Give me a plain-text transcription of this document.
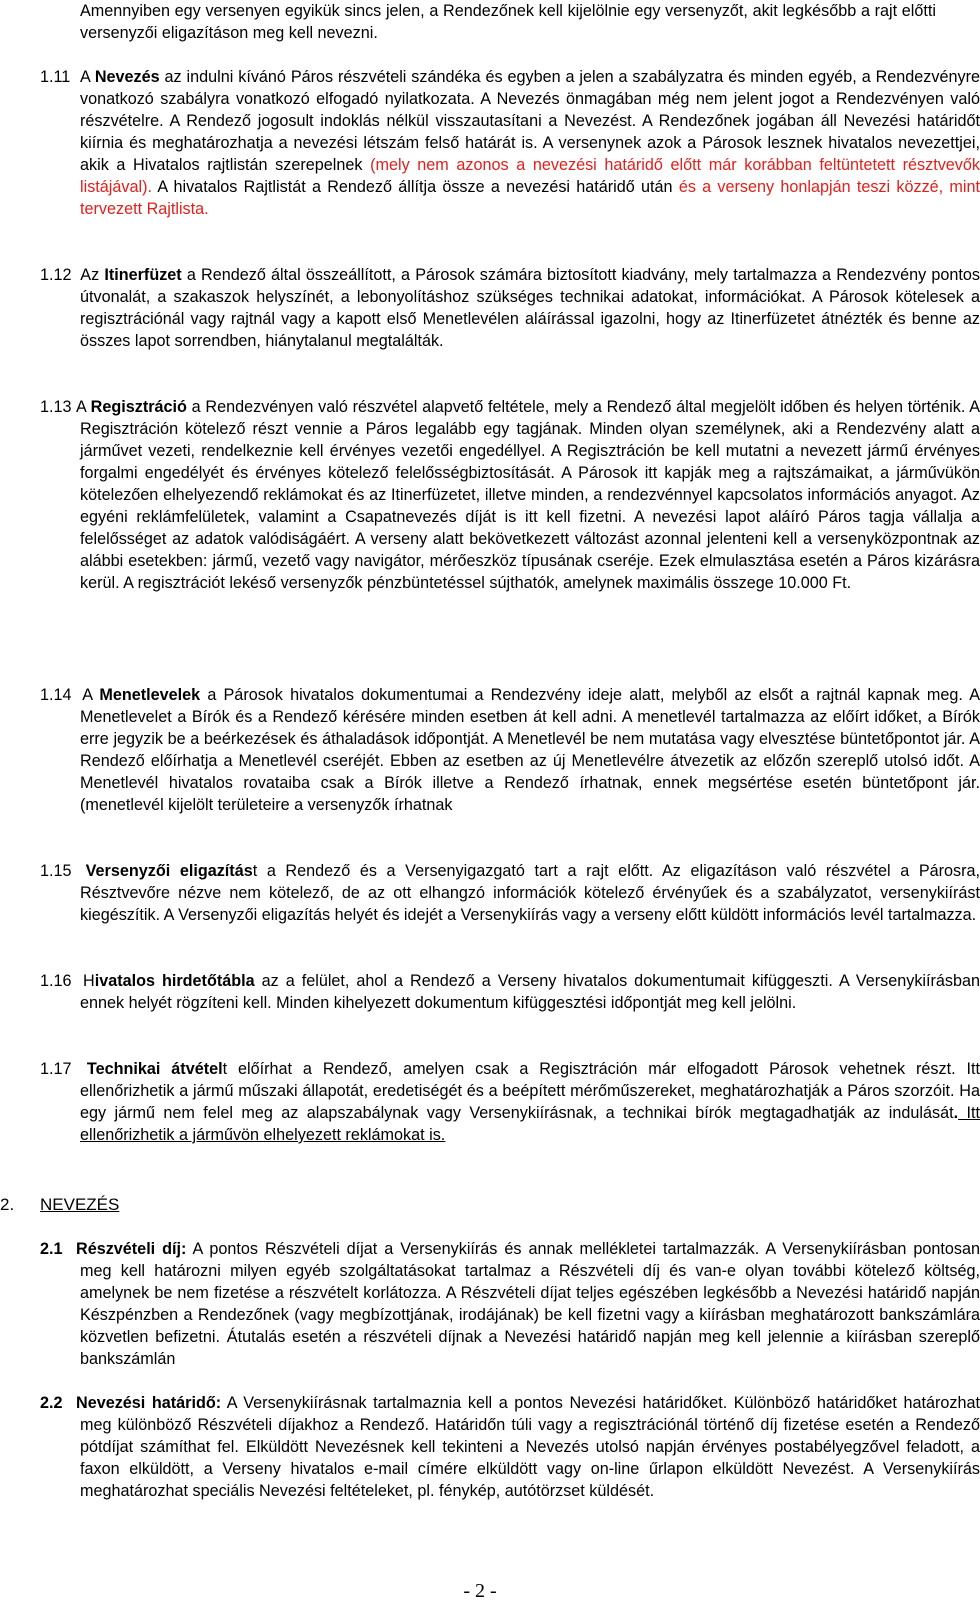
Amennyiben egy versenyen egyikük sincs jelen, a Rendezőnek kell kijelölnie egy versenyzőt, akit legkésőbb a rajt előtti versenyzői eligazításon meg kell nevezni.

1.11 A Nevezés az indulni kívánó Páros részvételi szándéka és egyben a jelen a szabályzatra és minden egyéb, a Rendezvényre vonatkozó szabályra vonatkozó elfogadó nyilatkozata. A Nevezés önmagában még nem jelent jogot a Rendezvényen való részvételre. A Rendező jogosult indoklás nélkül visszautasítani a Nevezést. A Rendezőnek jogában áll Nevezési határidőt kiírnia és meghatározhatja a nevezési létszám felső határát is. A versenynek azok a Párosok lesznek hivatalos nevezettjei, akik a Hivatalos rajtlistán szerepelnek (mely nem azonos a nevezési határidő előtt már korábban feltüntetett résztvevők listájával). A hivatalos Rajtlistát a Rendező állítja össze a nevezési határidő után és a verseny honlapján teszi közzé, mint tervezett Rajtlista.

1.12 Az Itinerfüzet a Rendező által összeállított, a Párosok számára biztosított kiadvány, mely tartalmazza a Rendezvény pontos útvonalát, a szakaszok helyszínét, a lebonyolításhoz szükséges technikai adatokat, információkat. A Párosok kötelesek a regisztrációnál vagy rajtnál vagy a kapott első Menetlevélen aláírással igazolni, hogy az Itinerfüzetet átnézték és benne az összes lapot sorrendben, hiánytalanul megtalálták.

1.13 A Regisztráció a Rendezvényen való részvétel alapvető feltétele, mely a Rendező által megjelölt időben és helyen történik. A Regisztráción kötelező részt vennie a Páros legalább egy tagjának. Minden olyan személynek, aki a Rendezvény alatt a járművet vezeti, rendelkeznie kell érvényes vezetői engedéllyel. A Regisztráción be kell mutatni a nevezett jármű érvényes forgalmi engedélyét és érvényes kötelező felelősségbiztosítását. A Párosok itt kapják meg a rajtszámaikat, a járművükön kötelezően elhelyezendő reklámokat és az Itinerfüzetet, illetve minden, a rendezvénnyel kapcsolatos információs anyagot. Az egyéni reklámfelületek, valamint a Csapatnevezés díját is itt kell fizetni. A nevezési lapot aláíró Páros tagja vállalja a felelősséget az adatok valódiságáért. A verseny alatt bekövetkezett változást azonnal jelenteni kell a versenyközpontnak az alábbi esetekben: jármű, vezető vagy navigátor, mérőeszköz típusának cseréje. Ezek elmulasztása esetén a Páros kizárásra kerül. A regisztrációt lekéső versenyzők pénzbüntetéssel sújthatók, amelynek maximális összege 10.000 Ft.

1.14 A Menetlevelek a Párosok hivatalos dokumentumai a Rendezvény ideje alatt, melyből az elsőt a rajtnál kapnak meg. A Menetlevelet a Bírók és a Rendező kérésére minden esetben át kell adni. A menetlevél tartalmazza az előírt időket, a Bírók erre jegyzik be a beérkezések és áthaladások időpontját. A Menetlevél be nem mutatása vagy elvesztése büntetőpontot jár. A Rendező előírhatja a Menetlevél cseréjét. Ebben az esetben az új Menetlevélre átvezetik az előzőn szereplő utolsó időt. A Menetlevél hivatalos rovataiba csak a Bírók illetve a Rendező írhatnak, ennek megsértése esetén büntetőpont jár. (menetlevél kijelölt területeire a versenyzők írhatnak

1.15 Versenyzői eligazítást a Rendező és a Versenyigazgató tart a rajt előtt. Az eligazításon való részvétel a Párosra, Résztvevőre nézve nem kötelező, de az ott elhangzó információk kötelező érvényűek és a szabályzatot, versenykiírást kiegészítik. A Versenyzői eligazítás helyét és idejét a Versenykiírás vagy a verseny előtt küldött információs levél tartalmazza.

1.16 Hivatalos hirdetőtábla az a felület, ahol a Rendező a Verseny hivatalos dokumentumait kifüggeszti. A Versenykiírásban ennek helyét rögzíteni kell. Minden kihelyezett dokumentum kifüggesztési időpontját meg kell jelölni.

1.17 Technikai átvételt előírhat a Rendező, amelyen csak a Regisztráción már elfogadott Párosok vehetnek részt. Itt ellenőrizhetik a jármű műszaki állapotát, eredetiségét és a beépített mérőműszereket, meghatározhatják a Páros szorzóit. Ha egy jármű nem felel meg az alapszabálynak vagy Versenykiírásnak, a technikai bírók megtagadhatják az indulását. Itt ellenőrizhetik a járművön elhelyezett reklámokat is.

2. NEVEZÉS
2.1 Részvételi díj: A pontos Részvételi díjat a Versenykiírás és annak mellékletei tartalmazzák. A Versenykiírásban pontosan meg kell határozni milyen egyéb szolgáltatásokat tartalmaz a Részvételi díj és van-e olyan további kötelező költség, amelynek be nem fizetése a részvételt korlátozza. A Részvételi díjat teljes egészében legkésőbb a Nevezési határidő napján Készpénzben a Rendezőnek (vagy megbízottjának, irodájának) be kell fizetni vagy a kiírásban meghatározott bankszámlára közvetlen befizetni. Átutalás esetén a részvételi díjnak a Nevezési határidő napján meg kell jelennie a kiírásban szereplő bankszámlán

2.2 Nevezési határidő: A Versenykiírásnak tartalmaznia kell a pontos Nevezési határidőket. Különböző határidőket határozhat meg különböző Részvételi díjakhoz a Rendező. Határidőn túli vagy a regisztrációnál történő díj fizetése esetén a Rendező pótdíjat számíthat fel. Elküldött Nevezésnek kell tekinteni a Nevezés utolsó napján érvényes postabélyegzővel feladott, a faxon elküldött, a Verseny hivatalos e-mail címére elküldött vagy on-line űrlapon elküldött Nevezést. A Versenykiírás meghatározhat speciális Nevezési feltételeket, pl. fénykép, autótörzset küldését.

- 2 -
